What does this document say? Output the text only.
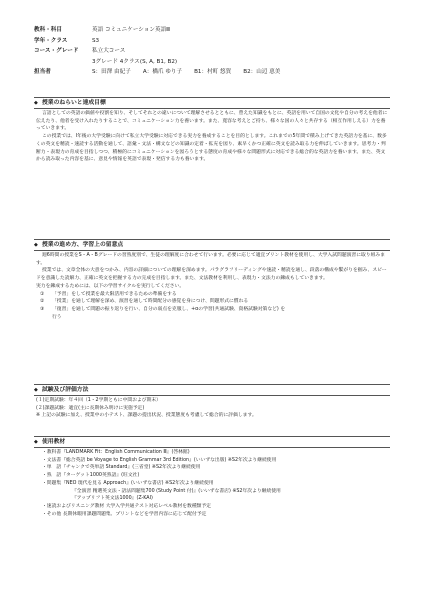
教科・科目	英語 コミュニケーション英語Ⅲ
学年・クラス	S3
コース・グレード	私立大コース
3グレード 4クラス(S, A, B1, B2)
担当者	S：田澤 由紀子 A：橋爪 ゆり子 B1：村町 悠賀 B2：山辺 恵美
◆ 授業のねらいと達成目標

言語としての英語の価値や役割を知り、そしてそれとの違いについて理解させるとともに、豊えた知識をもとに、英語を用いて自国の文化や自分の考えを他者に伝えたり、他者を受け入れたりすることで、コミュニケーション力を養います。また、寛容な考えとご持ち、様々な国の人々と共存する（相互作用しえる）力を養っていきます。

この授業では、Ⅰ年後の大学受験に向けて私立大学受験に対応できる実力を養成することを目的とします。これまでの5年間で積み上げてきた英語力を基に、数多くの英文を精読・速読する活動を通して、語彙・文法・構文などの知識の定着・拡充を図り、素早くかつ正確に英文を読み取る力を伸ばしていきます。思考力・判断力・表現力の育成を目指しつつ、積極的にコミュニケーションを図ろうとする態度の育成や様々な問題形式に対応できる総合的な英語力を養います。また、英文から読み取った内容を基に、意見や情報を英語で表現・発信する力も養います。

◆ 授業の進め方、学習上の留意点

週6時間の授業をS・A・Bグレードの習熟度別で、生徒の理解度に合わせて行います。必要に応じて適宜プリント教材を使用し、大学入試問題演習に取り組みます。

授業では、文章全体の大意をつかみ、内容の詳細についての理解を深めます。パラグラフリーディングや速読・精読を通し、段落の構成や繋がりを掴み、スピードを意識した読解力、正確に英文を把握する力の完成を目指します。また、文法教材を利用し、表現力・文法力の錬成もしていきます。

実力を錬成するためには、以下の学習サイクルを実行してください。

①	「予習」をして授業を最大限活用できるための準備をする
②	「授業」を通して理解を深め、演習を通して時間配分の感覚を身につけ、問題形式に慣れる
③	「復習」を通して問題の振り返りを行い、自分の弱点を克服し、+αの学習(共通試験、資格試験対策など) を
行う
◆ 試験及び評価方法
(１)定期試験：年４回（1・2学期ともに中間および期末）
(２)課題試験：適宜(主に長期休み明けに実施予定)
※ 上記の試験に加え、授業中の小テスト、課題の提出状況、授業態度も考慮して総合的に評価します。
◆ 使用教材
・教科書『LANDMARK Fit：English Communication Ⅲ』(啓林館)
・文法書『総合英語 be Voyage to English Grammar 3rd Edition』(いいずな出版) ※S2年次より継続使用
・単　語『チャンクで英単語 Standard』(三省堂) ※S2年次より継続使用
・熟　語『ターゲット1000英熟語』(旺文社)
・問題集『NEO 現代を見る Approach』(いいずな書店) ※S2年次より継続使用
『全演習 精選英文法・語法問題集700 (Study Point 付)』(いいずな書店) ※S2年次より継続使用
『アップリフト英文法1000』(Z-KAI)
・速読およびリスニング教材 大学入学共通テスト対応レベル教材を数種類予定
・その他 長期休暇用課題問題集、プリントなどを学習内容に応じて配付予定
